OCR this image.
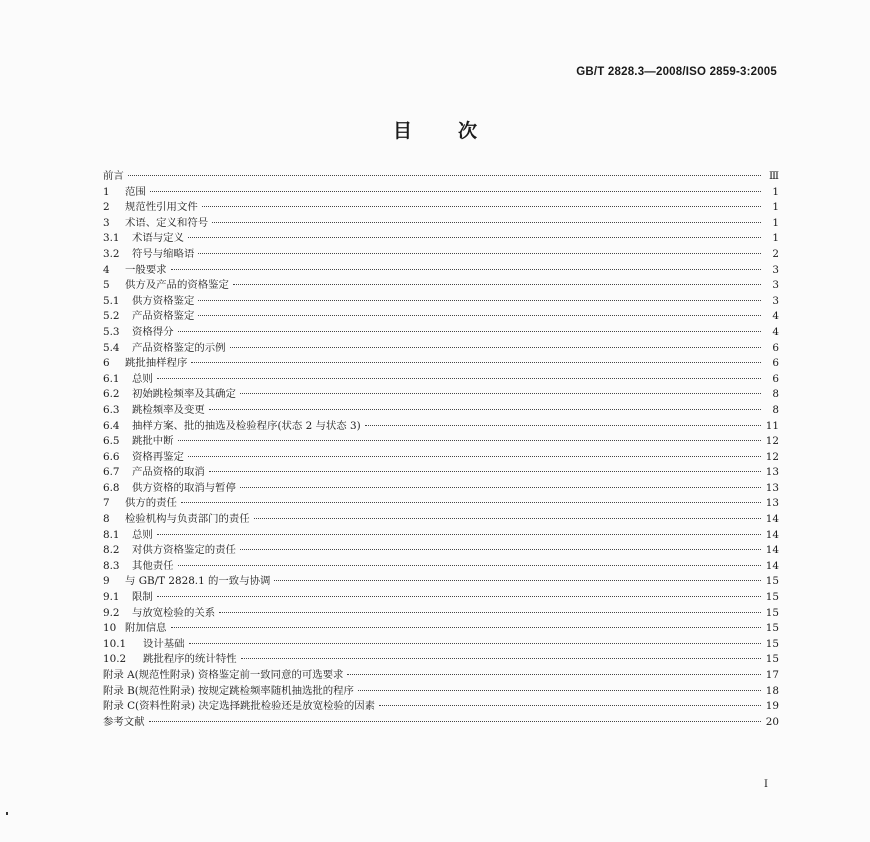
GB/T 2828.3—2008/ISO 2859-3:2005
目次
前言	Ⅲ
1	范围	1
2	规范性引用文件	1
3	术语、定义和符号	1
3.1	术语与定义	1
3.2	符号与缩略语	2
4	一般要求	3
5	供方及产品的资格鉴定	3
5.1	供方资格鉴定	3
5.2	产品资格鉴定	4
5.3	资格得分	4
5.4	产品资格鉴定的示例	6
6	跳批抽样程序	6
6.1	总则	6
6.2	初始跳检频率及其确定	8
6.3	跳检频率及变更	8
6.4	抽样方案、批的抽选及检验程序(状态 2 与状态 3)	11
6.5	跳批中断	12
6.6	资格再鉴定	12
6.7	产品资格的取消	13
6.8	供方资格的取消与暂停	13
7	供方的责任	13
8	检验机构与负责部门的责任	14
8.1	总则	14
8.2	对供方资格鉴定的责任	14
8.3	其他责任	14
9	与 GB/T 2828.1 的一致与协调	15
9.1	限制	15
9.2	与放宽检验的关系	15
10 附加信息	15
10.1	设计基础	15
10.2	跳批程序的统计特性	15
附录 A(规范性附录) 资格鉴定前一致同意的可选要求	17
附录 B(规范性附录) 按规定跳检频率随机抽选批的程序	18
附录 C(资料性附录) 决定选择跳批检验还是放宽检验的因素	19
参考文献	20
I
